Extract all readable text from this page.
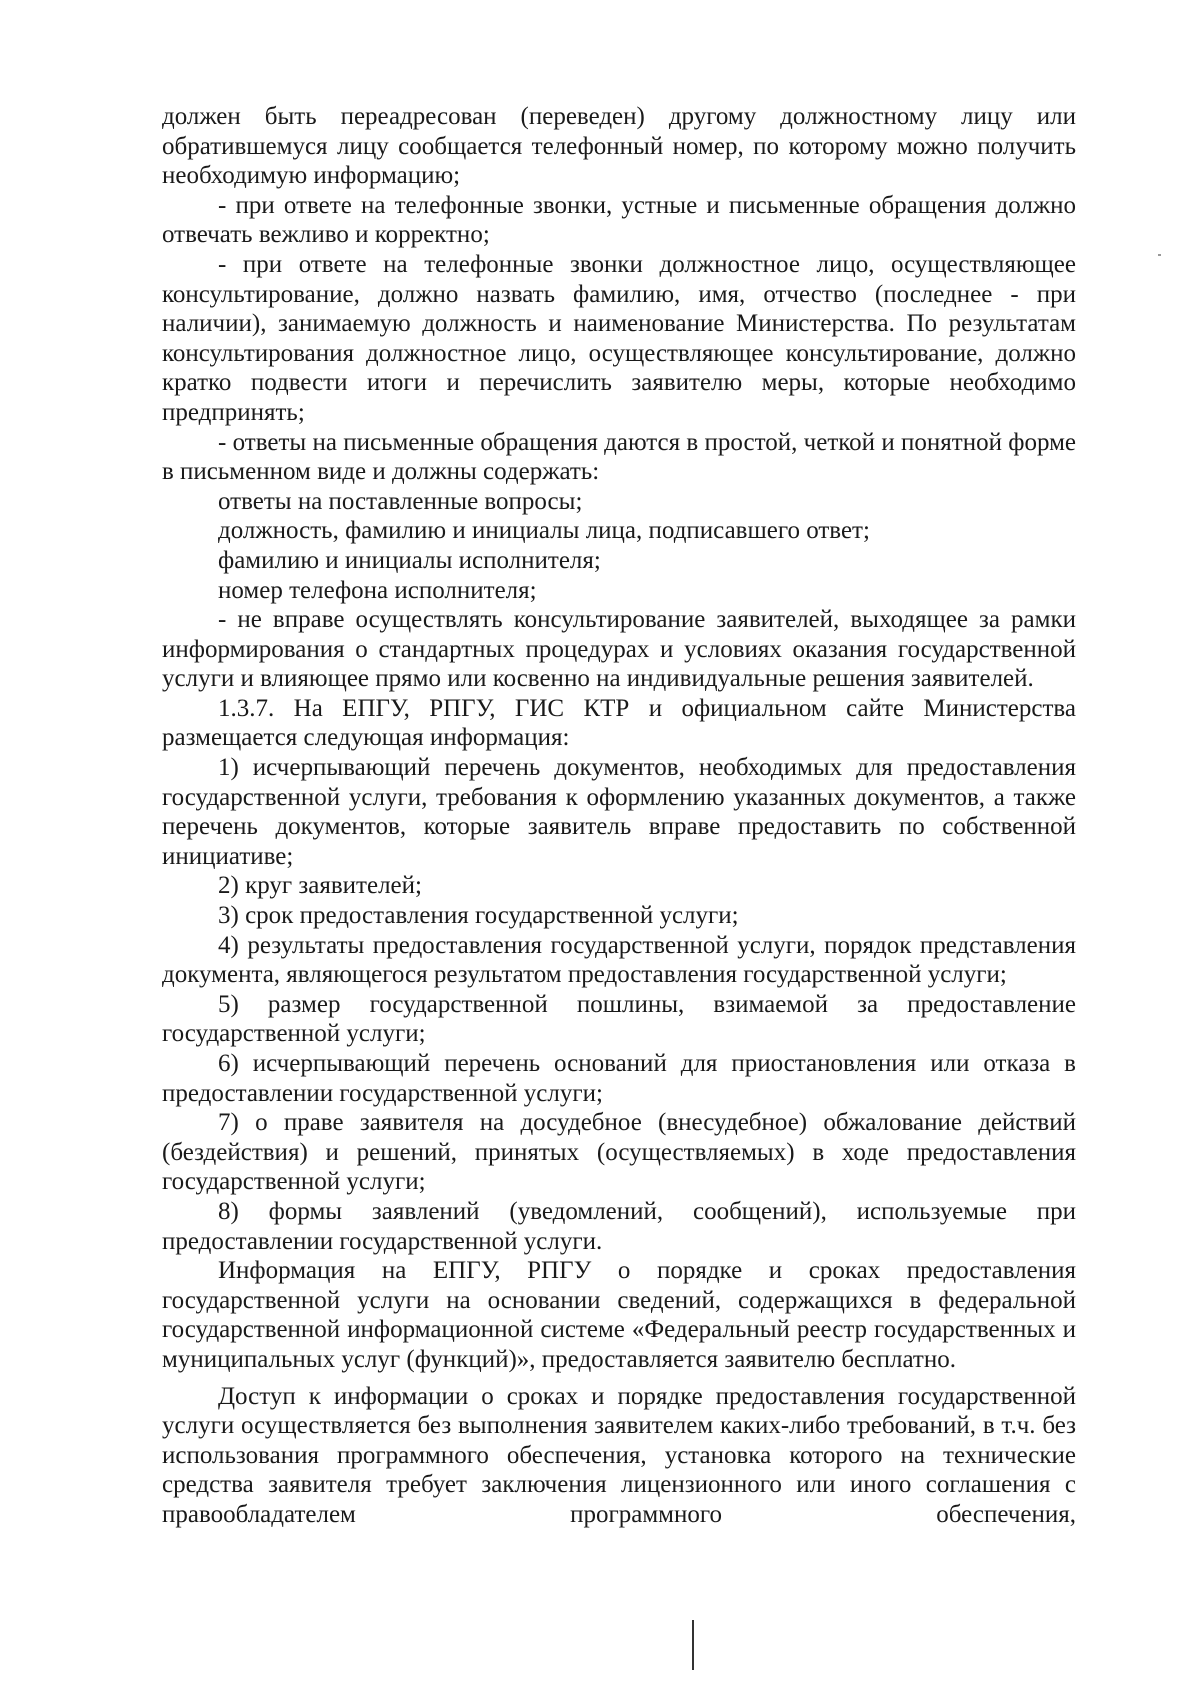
должен быть переадресован (переведен) другому должностному лицу или обратившемуся лицу сообщается телефонный номер, по которому можно получить необходимую информацию;

- при ответе на телефонные звонки, устные и письменные обращения должно отвечать вежливо и корректно;

- при ответе на телефонные звонки должностное лицо, осуществляющее консультирование, должно назвать фамилию, имя, отчество (последнее - при наличии), занимаемую должность и наименование Министерства. По результатам консультирования должностное лицо, осуществляющее консультирование, должно кратко подвести итоги и перечислить заявителю меры, которые необходимо предпринять;

- ответы на письменные обращения даются в простой, четкой и понятной форме в письменном виде и должны содержать:

ответы на поставленные вопросы;

должность, фамилию и инициалы лица, подписавшего ответ;

фамилию и инициалы исполнителя;

номер телефона исполнителя;

- не вправе осуществлять консультирование заявителей, выходящее за рамки информирования о стандартных процедурах и условиях оказания государственной услуги и влияющее прямо или косвенно на индивидуальные решения заявителей.

1.3.7. На ЕПГУ, РПГУ, ГИС КТР и официальном сайте Министерства размещается следующая информация:

1) исчерпывающий перечень документов, необходимых для предоставления государственной услуги, требования к оформлению указанных документов, а также перечень документов, которые заявитель вправе предоставить по собственной инициативе;

2) круг заявителей;

3) срок предоставления государственной услуги;

4) результаты предоставления государственной услуги, порядок представления документа, являющегося результатом предоставления государственной услуги;

5) размер государственной пошлины, взимаемой за предоставление государственной услуги;

6) исчерпывающий перечень оснований для приостановления или отказа в предоставлении государственной услуги;

7) о праве заявителя на досудебное (внесудебное) обжалование действий (бездействия) и решений, принятых (осуществляемых) в ходе предоставления государственной услуги;

8) формы заявлений (уведомлений, сообщений), используемые при предоставлении государственной услуги.

Информация на ЕПГУ, РПГУ о порядке и сроках предоставления государственной услуги на основании сведений, содержащихся в федеральной государственной информационной системе «Федеральный реестр государственных и муниципальных услуг (функций)», предоставляется заявителю бесплатно.

Доступ к информации о сроках и порядке предоставления государственной услуги осуществляется без выполнения заявителем каких-либо требований, в т.ч. без использования программного обеспечения, установка которого на технические средства заявителя требует заключения лицензионного или иного соглашения с правообладателем программного обеспечения,
